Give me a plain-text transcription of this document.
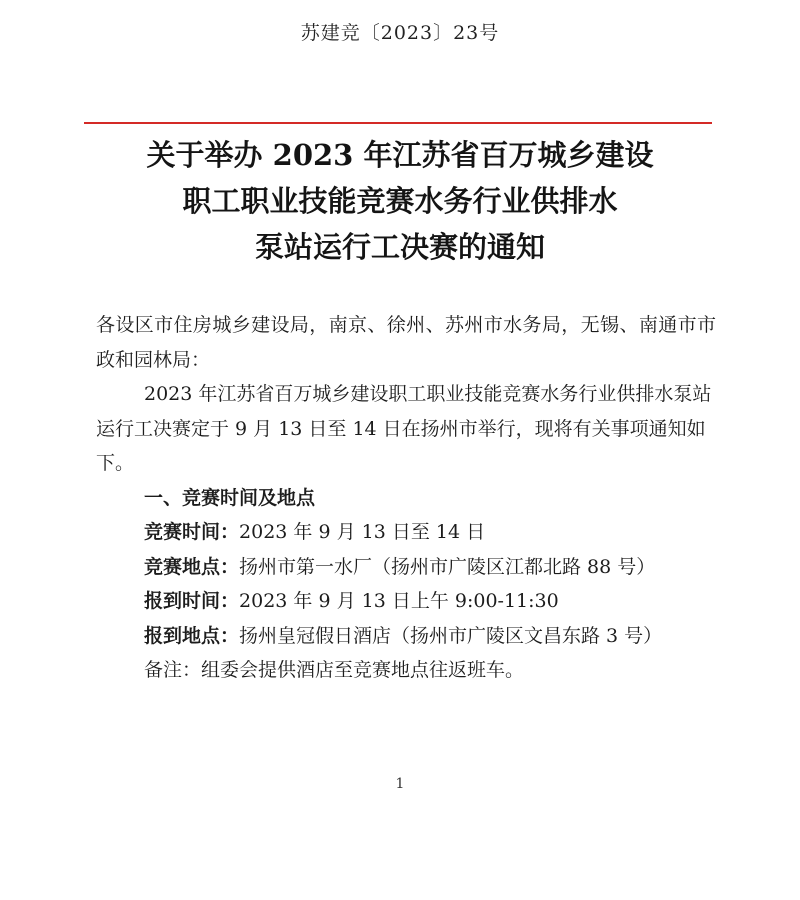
苏建竞〔2023〕23号
关于举办 2023 年江苏省百万城乡建设
职工职业技能竞赛水务行业供排水
泵站运行工决赛的通知

各设区市住房城乡建设局，南京、徐州、苏州市水务局，无锡、南通市市政和园林局：

2023 年江苏省百万城乡建设职工职业技能竞赛水务行业供排水泵站运行工决赛定于 9 月 13 日至 14 日在扬州市举行，现将有关事项通知如下。

一、竞赛时间及地点

竞赛时间：2023 年 9 月 13 日至 14 日

竞赛地点：扬州市第一水厂（扬州市广陵区江都北路 88 号）

报到时间：2023 年 9 月 13 日上午 9:00-11:30

报到地点：扬州皇冠假日酒店（扬州市广陵区文昌东路 3 号）

备注：组委会提供酒店至竞赛地点往返班车。

1
